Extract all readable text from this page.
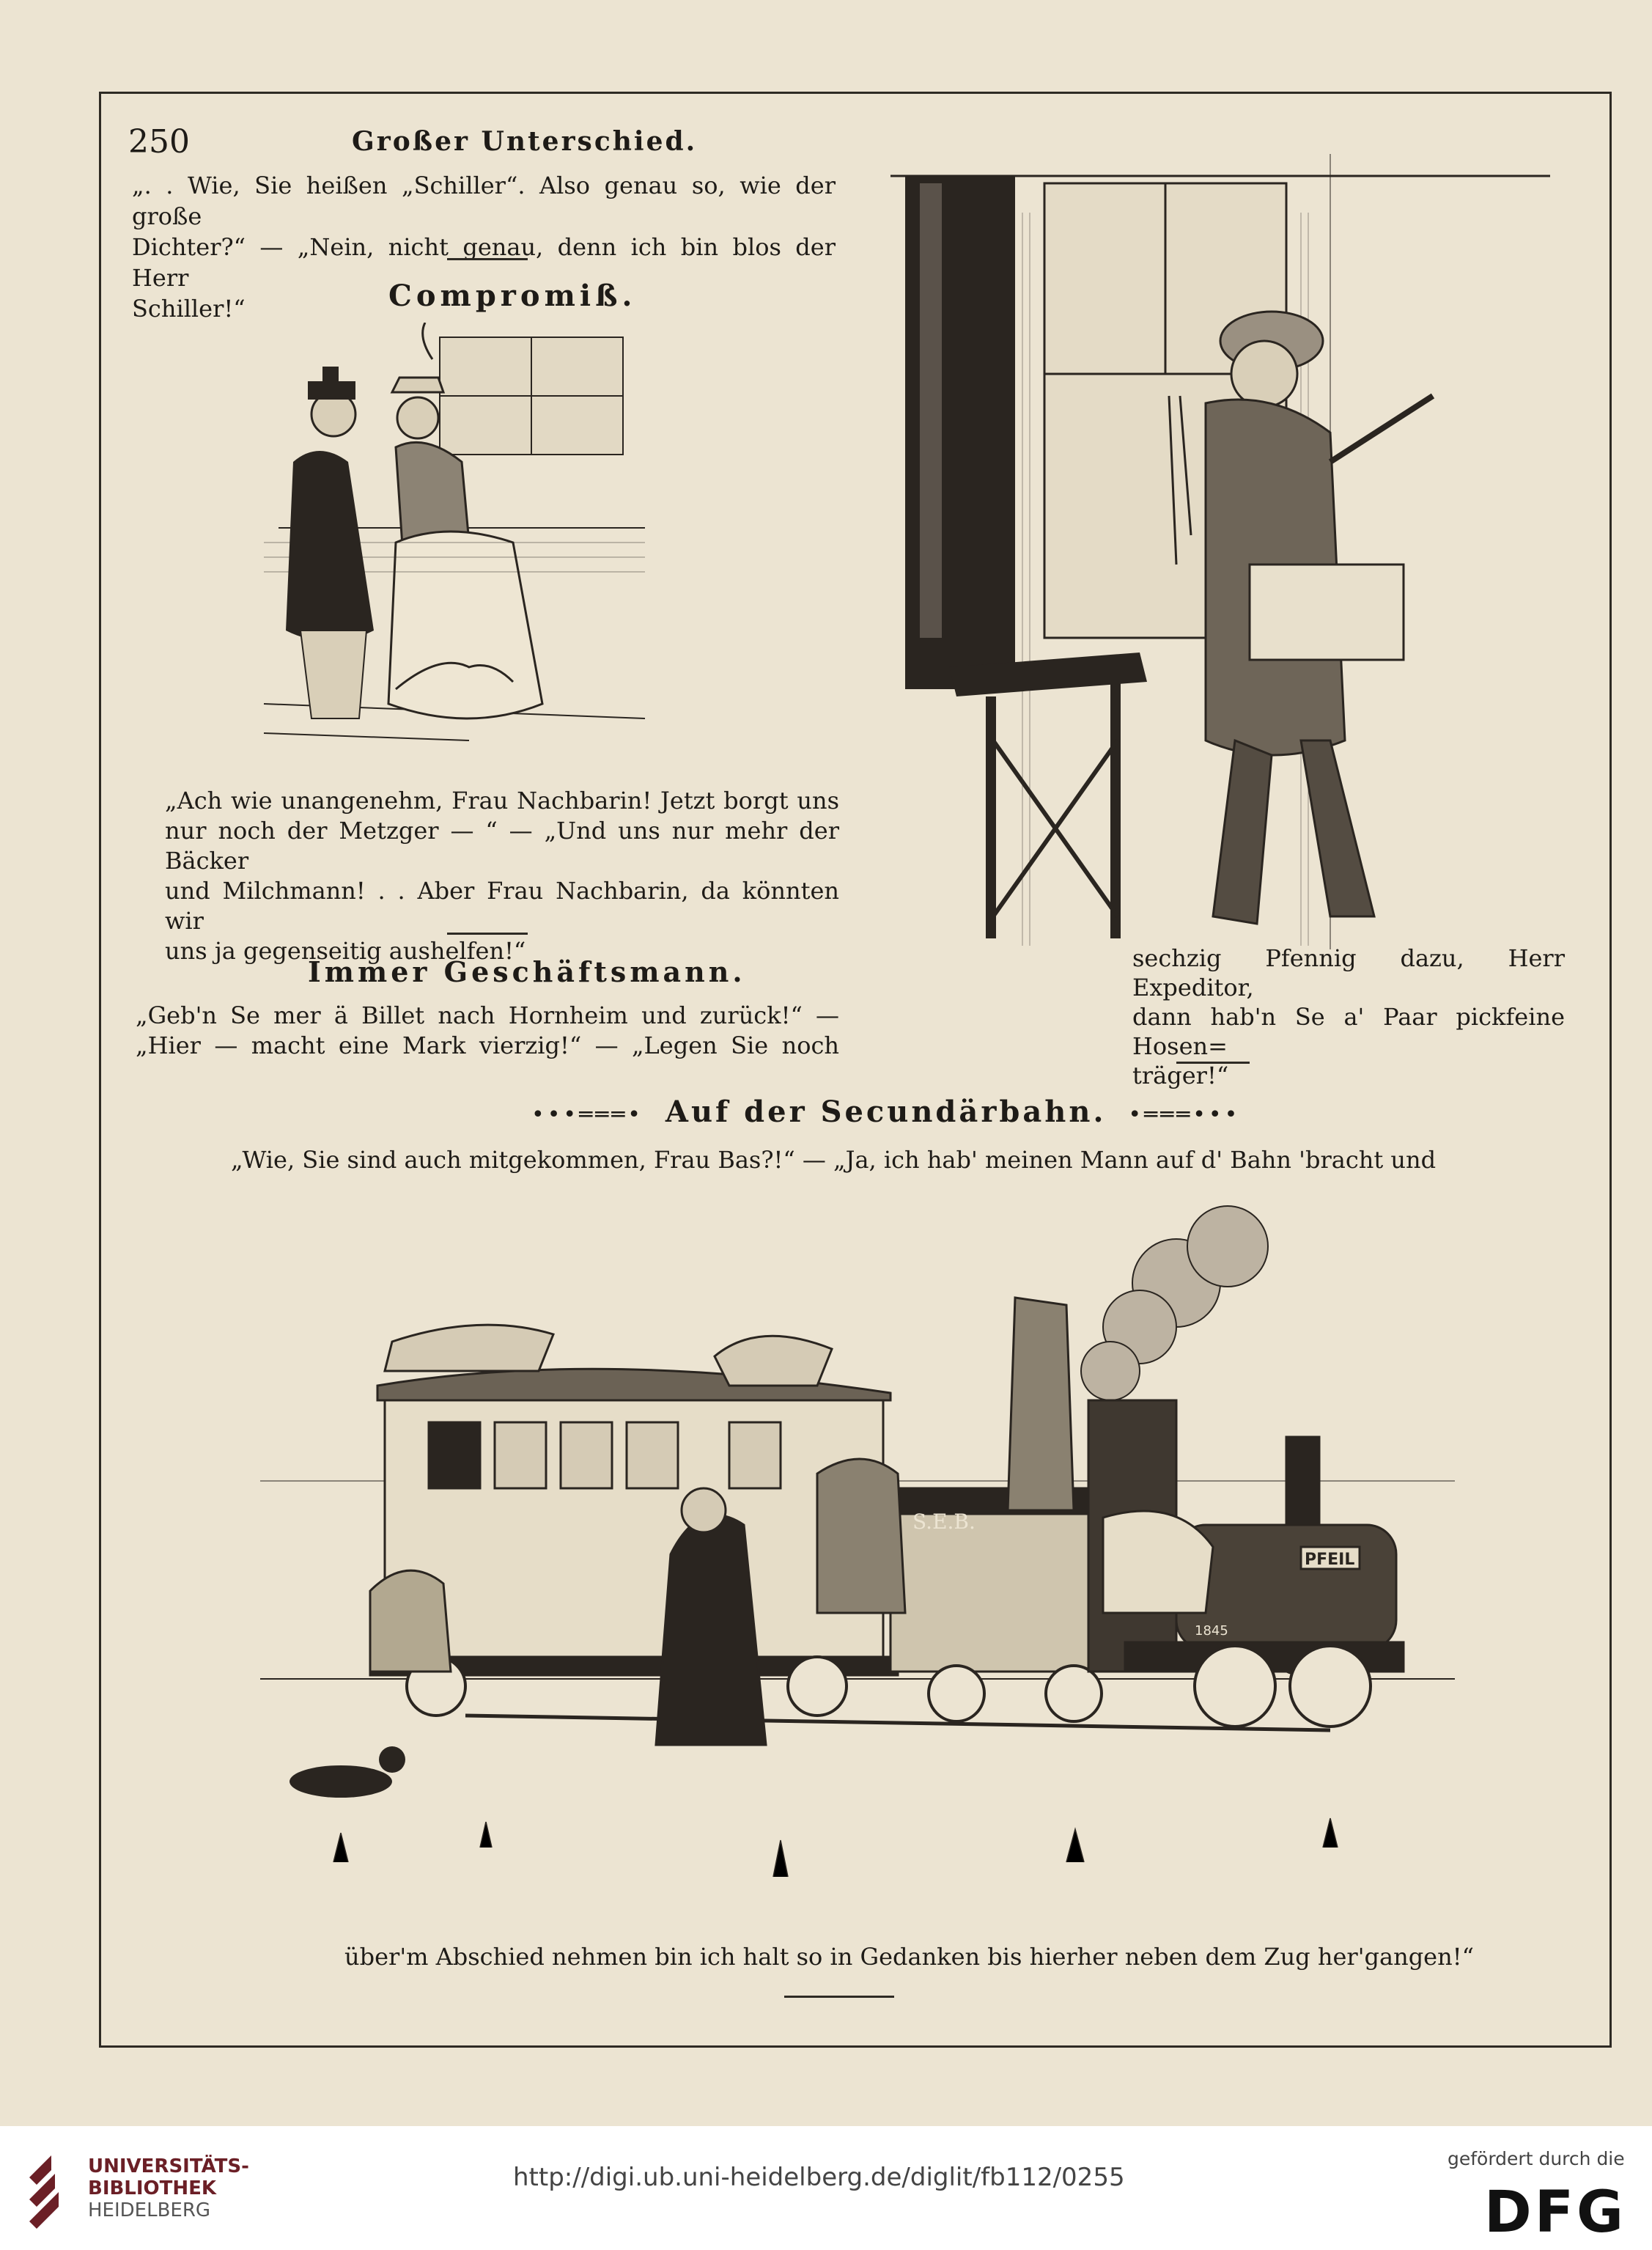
250	Großer Unterschied.
„. . Wie, Sie heißen „Schiller“. Also genau so, wie der große
Dichter?“ — „Nein, nicht genau, denn ich bin blos der Herr
Schiller!“	Compromiß.
„Ach wie unangenehm, Frau Nachbarin! Jetzt borgt uns
nur noch der Metzger — “ — „Und uns nur mehr der Bäcker
und Milchmann! . . Aber Frau Nachbarin, da könnten wir
uns ja gegenseitig aushelfen!“
Immer Geschäftsmann.
„Geb'n Se mer ä Billet nach Hornheim und zurück!“ —
„Hier — macht eine Mark vierzig!“ — „Legen Sie noch
sechzig Pfennig dazu, Herr Expeditor,
dann hab'n Se a' Paar pickfeine Hosen=
träger!“
•••═══• Auf der Secundärbahn. •═══•••
„Wie, Sie sind auch mitgekommen, Frau Bas?!“ — „Ja, ich hab' meinen Mann auf d' Bahn 'bracht und
S.E.B.
PFEIL
1845
über'm Abschied nehmen bin ich halt so in Gedanken bis hierher neben dem Zug her'gangen!“
UNIVERSITÄTS-
BIBLIOTHEK
HEIDELBERG
http://digi.ub.uni-heidelberg.de/diglit/fb112/0255
gefördert durch die
DFG
